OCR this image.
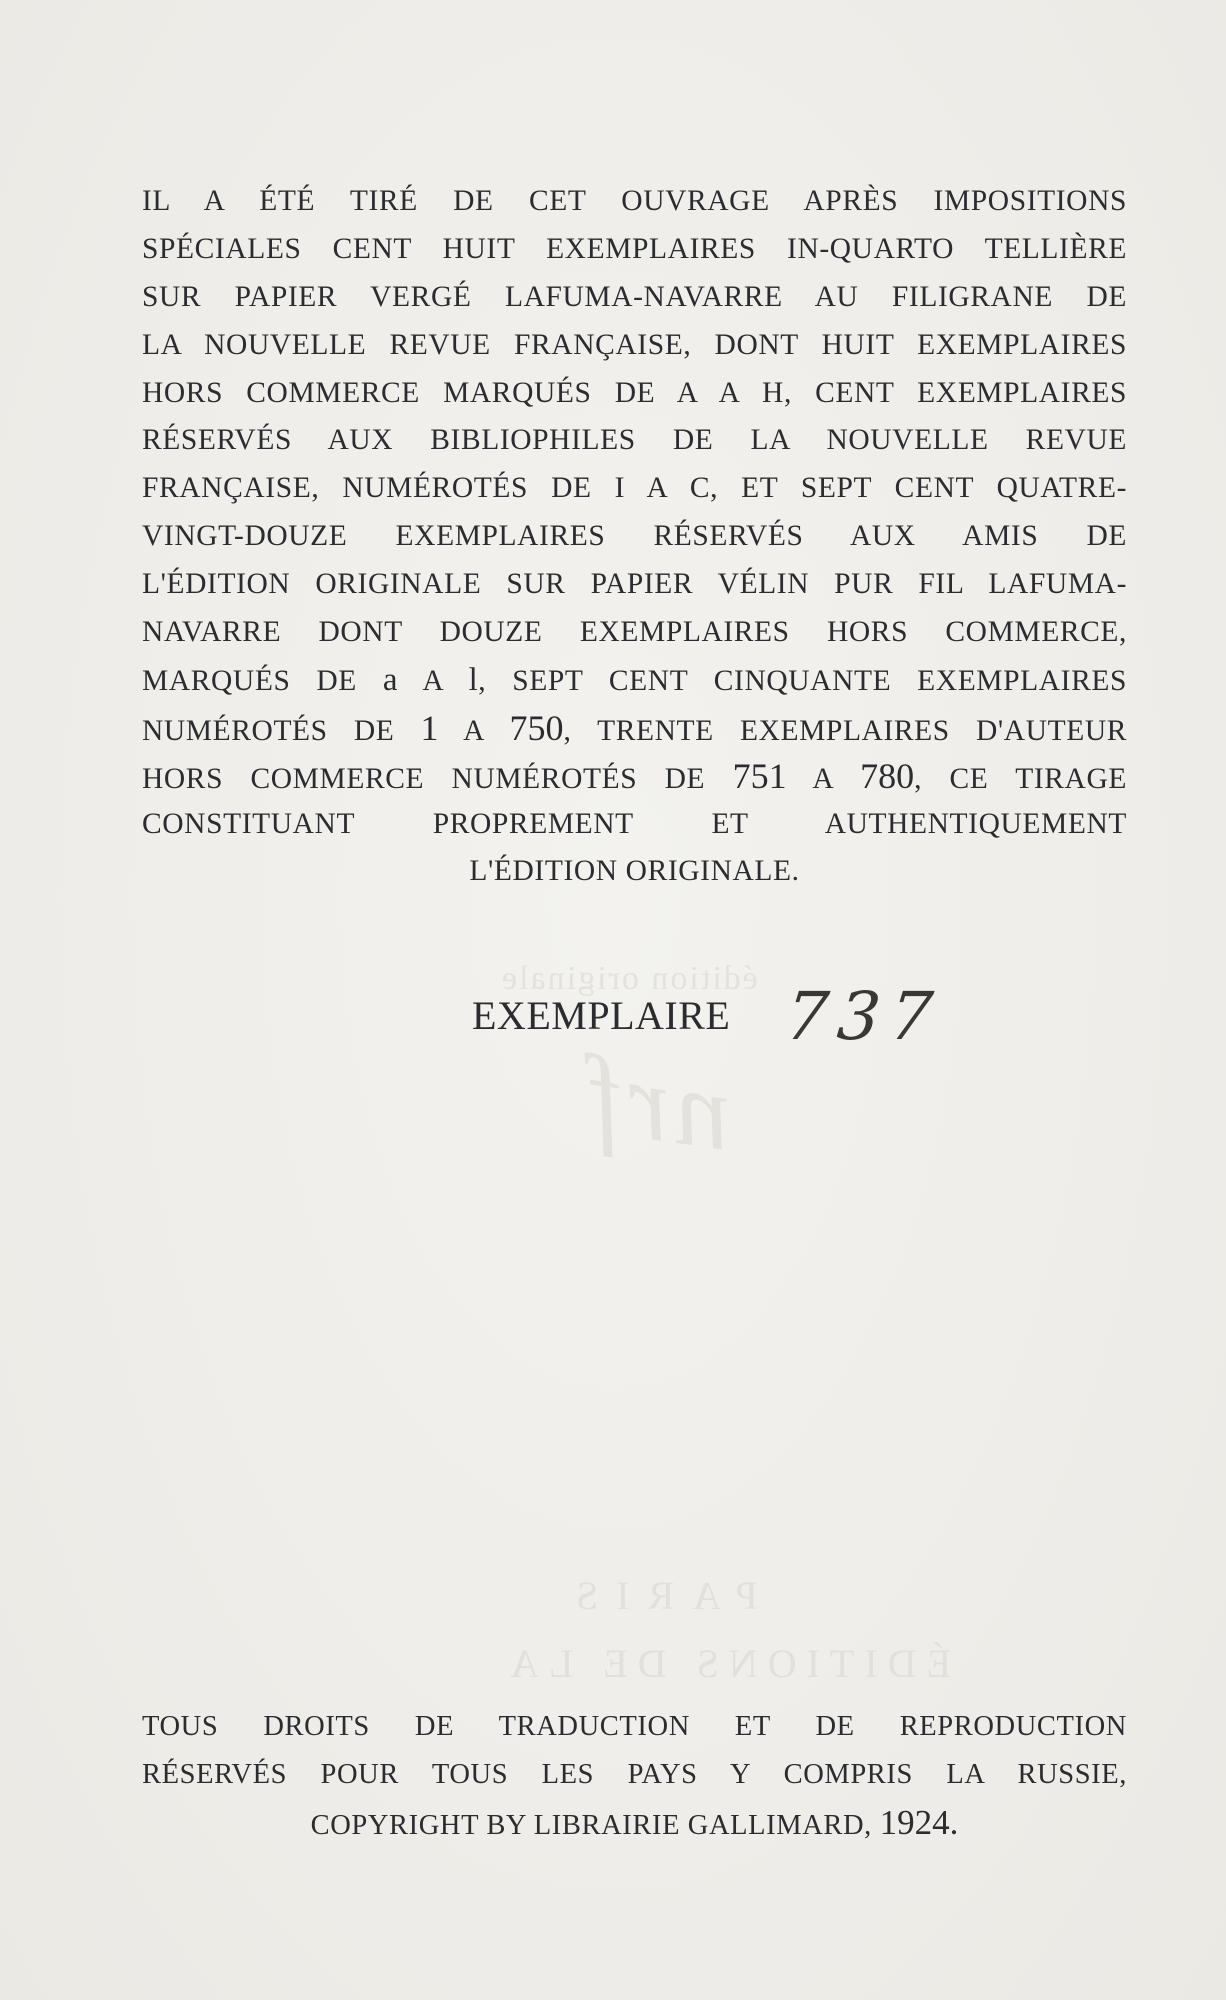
édition originale
nrf
PARIS
ÉDITIONS DE LA
IL A ÉTÉ TIRÉ DE CET OUVRAGE APRÈS IMPOSITIONS
SPÉCIALES CENT HUIT EXEMPLAIRES IN-QUARTO TELLIÈRE
SUR PAPIER VERGÉ LAFUMA-NAVARRE AU FILIGRANE DE
LA NOUVELLE REVUE FRANÇAISE, DONT HUIT EXEMPLAIRES
HORS COMMERCE MARQUÉS DE A A H, CENT EXEMPLAIRES
RÉSERVÉS AUX BIBLIOPHILES DE LA NOUVELLE REVUE
FRANÇAISE, NUMÉROTÉS DE I A C, ET SEPT CENT QUATRE-
VINGT-DOUZE EXEMPLAIRES RÉSERVÉS AUX AMIS DE
L'ÉDITION ORIGINALE SUR PAPIER VÉLIN PUR FIL LAFUMA-
NAVARRE DONT DOUZE EXEMPLAIRES HORS COMMERCE,
MARQUÉS DE a A l, SEPT CENT CINQUANTE EXEMPLAIRES
NUMÉROTÉS DE 1 A 750, TRENTE EXEMPLAIRES D'AUTEUR
HORS COMMERCE NUMÉROTÉS DE 751 A 780, CE TIRAGE
CONSTITUANT PROPREMENT ET AUTHENTIQUEMENT
L'ÉDITION ORIGINALE.
EXEMPLAIRE 737
TOUS DROITS DE TRADUCTION ET DE REPRODUCTION
RÉSERVÉS POUR TOUS LES PAYS Y COMPRIS LA RUSSIE,
COPYRIGHT BY LIBRAIRIE GALLIMARD, 1924.
